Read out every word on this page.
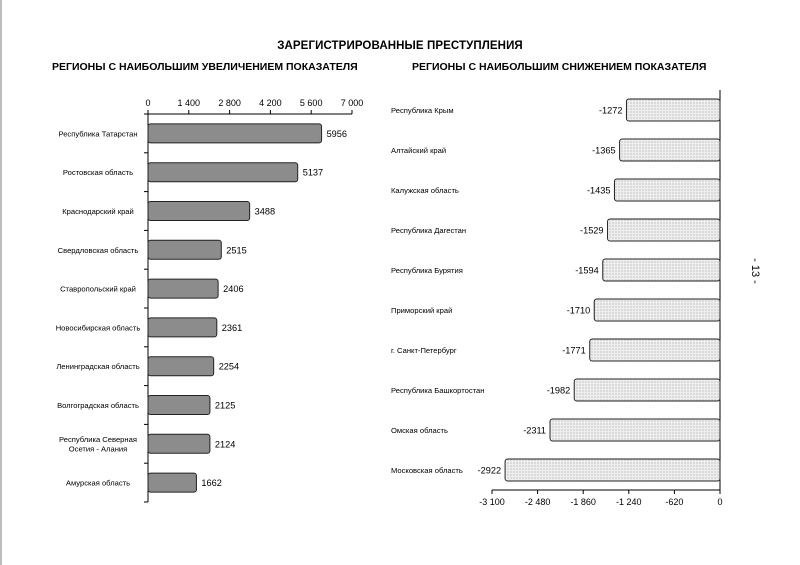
ЗАРЕГИСТРИРОВАННЫЕ ПРЕСТУПЛЕНИЯ
РЕГИОНЫ С НАИБОЛЬШИМ УВЕЛИЧЕНИЕМ ПОКАЗАТЕЛЯ	РЕГИОНЫ С НАИБОЛЬШИМ СНИЖЕНИЕМ ПОКАЗАТЕЛЯ
- 13 -
0	1 400 2 800 4 200 5 600 7 000
5956
Республика Татарстан
5137
Ростовская область
3488
Краснодарский край
2515
Свердловская область
2406
Ставропольский край
2361
Новосибирская область
2254
Ленинградская область
2125
Волгоградская область
2124
Республика Северная
Осетия - Алания
1662
Амурская область
-3 100 -2 480 -1 860 -1 240	-620	0
-1272
Республика Крым
-1365
Алтайский край
-1435
Калужская область
-1529
Республика Дагестан
-1594
Республика Бурятия
-1710
Приморский край
-1771
г. Санкт-Петербург
-1982
Республика Башкортостан
-2311
Омская область
-2922
Московская область
